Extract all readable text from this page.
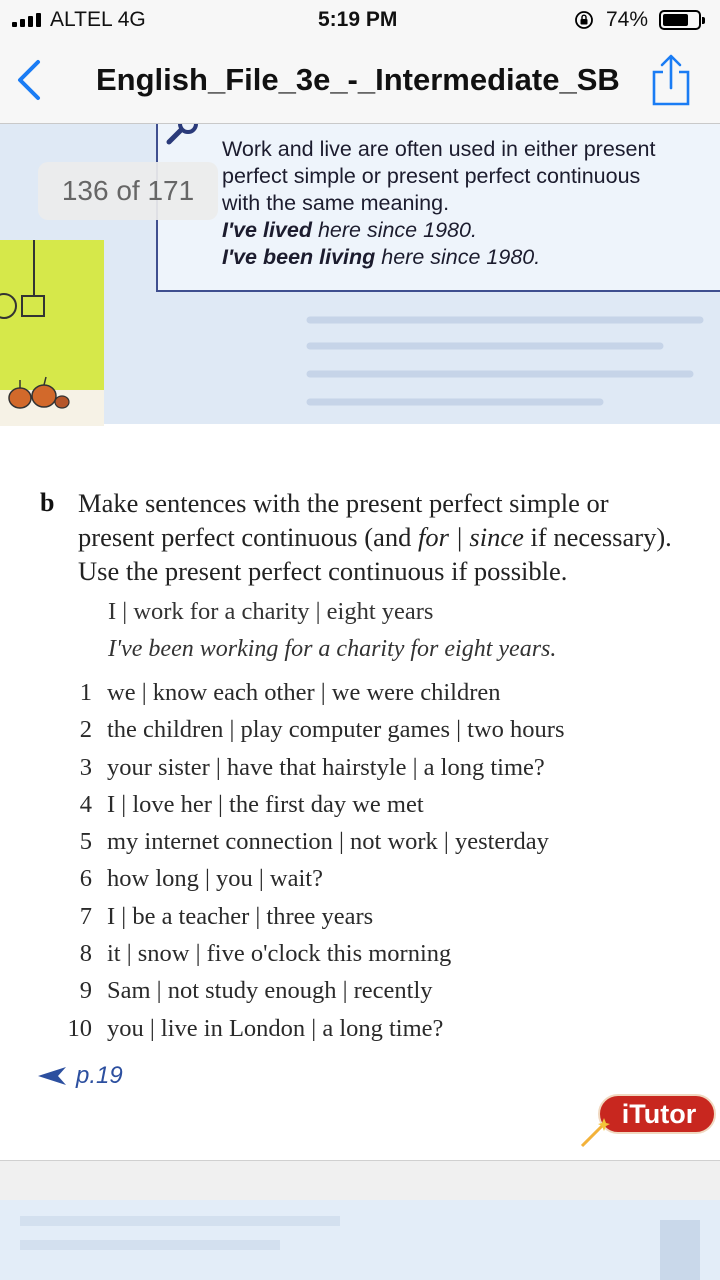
ALTEL 4G	5:19 PM	74%
English_File_3e_-_Intermediate_SB
Work and live are often used in either present
perfect simple or present perfect continuous
with the same meaning.
I've lived here since 1980.
I've been living here since 1980.
136 of 171
b Make sentences with the present perfect simple or
present perfect continuous (and for | since if necessary).
Use the present perfect continuous if possible.
I | work for a charity | eight years
I've been working for a charity for eight years.
1 we | know each other | we were children
2 the children | play computer games | two hours
3 your sister | have that hairstyle | a long time?
4 I | love her | the first day we met
5 my internet connection | not work | yesterday
6 how long | you | wait?
7 I | be a teacher | three years
8 it | snow | five o'clock this morning
9 Sam | not study enough | recently
10 you | live in London | a long time?
p.19
iTutor
